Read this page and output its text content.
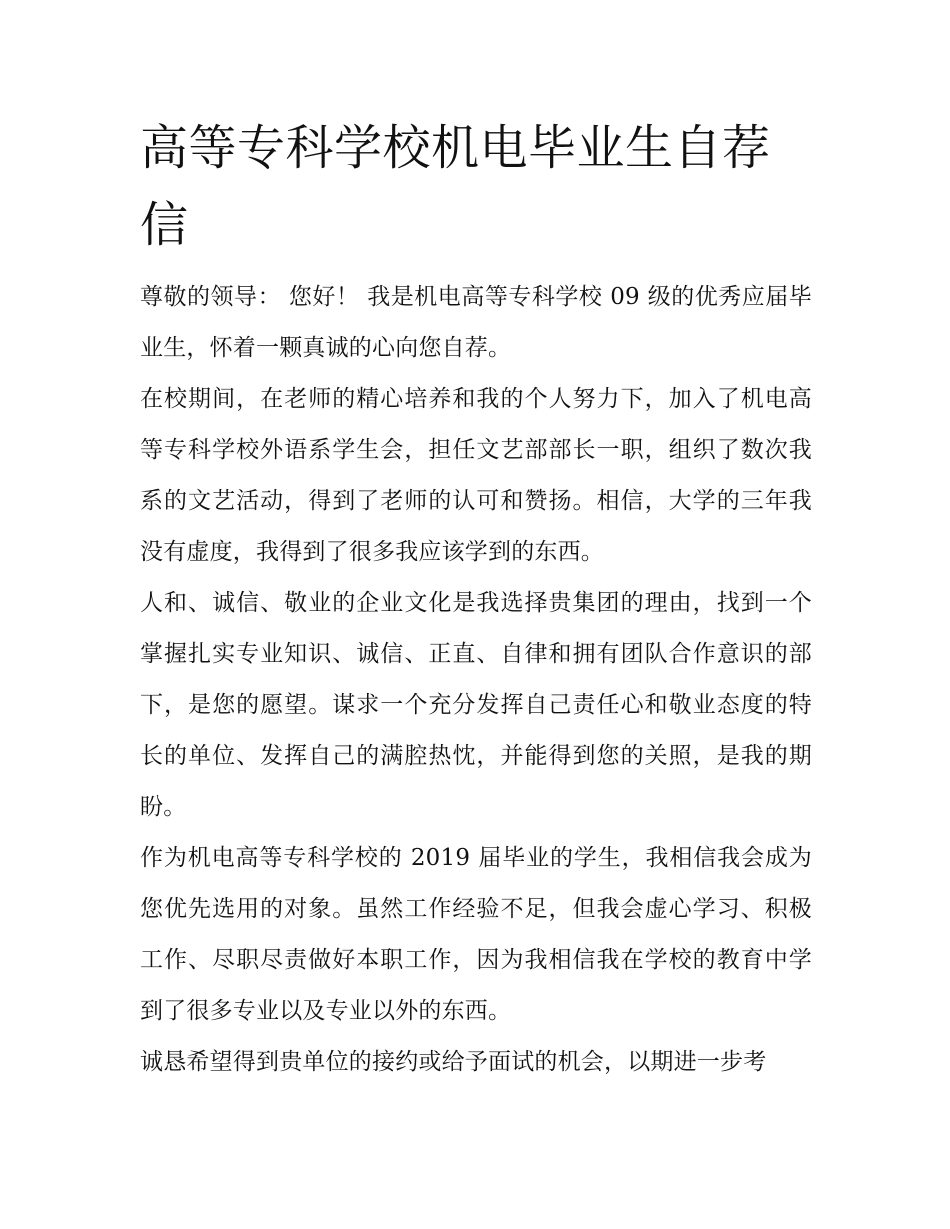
高等专科学校机电毕业生自荐信

尊敬的领导： 您好！ 我是机电高等专科学校 09 级的优秀应届毕业生，怀着一颗真诚的心向您自荐。

在校期间，在老师的精心培养和我的个人努力下，加入了机电高等专科学校外语系学生会，担任文艺部部长一职，组织了数次我系的文艺活动，得到了老师的认可和赞扬。相信，大学的三年我没有虚度，我得到了很多我应该学到的东西。

人和、诚信、敬业的企业文化是我选择贵集团的理由，找到一个掌握扎实专业知识、诚信、正直、自律和拥有团队合作意识的部下，是您的愿望。谋求一个充分发挥自己责任心和敬业态度的特长的单位、发挥自己的满腔热忱，并能得到您的关照，是我的期盼。

作为机电高等专科学校的 2019 届毕业的学生，我相信我会成为您优先选用的对象。虽然工作经验不足，但我会虚心学习、积极工作、尽职尽责做好本职工作，因为我相信我在学校的教育中学到了很多专业以及专业以外的东西。

诚恳希望得到贵单位的接约或给予面试的机会，以期进一步考
